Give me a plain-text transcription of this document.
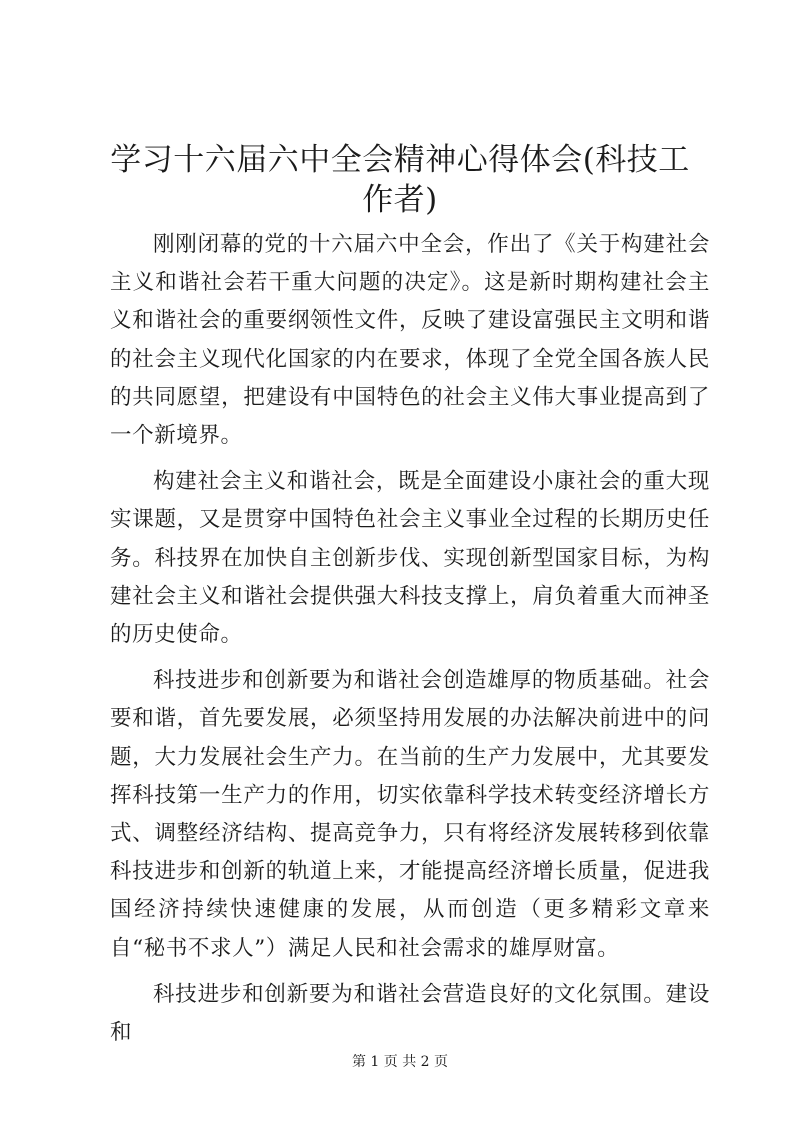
学习十六届六中全会精神心得体会(科技工作者)

刚刚闭幕的党的十六届六中全会，作出了《关于构建社会主义和谐社会若干重大问题的决定》。这是新时期构建社会主义和谐社会的重要纲领性文件，反映了建设富强民主文明和谐的社会主义现代化国家的内在要求，体现了全党全国各族人民的共同愿望，把建设有中国特色的社会主义伟大事业提高到了一个新境界。

构建社会主义和谐社会，既是全面建设小康社会的重大现实课题，又是贯穿中国特色社会主义事业全过程的长期历史任务。科技界在加快自主创新步伐、实现创新型国家目标，为构建社会主义和谐社会提供强大科技支撑上，肩负着重大而神圣的历史使命。

科技进步和创新要为和谐社会创造雄厚的物质基础。社会要和谐，首先要发展，必须坚持用发展的办法解决前进中的问题，大力发展社会生产力。在当前的生产力发展中，尤其要发挥科技第一生产力的作用，切实依靠科学技术转变经济增长方式、调整经济结构、提高竞争力，只有将经济发展转移到依靠科技进步和创新的轨道上来，才能提高经济增长质量，促进我国经济持续快速健康的发展，从而创造（更多精彩文章来自“秘书不求人”）满足人民和社会需求的雄厚财富。

科技进步和创新要为和谐社会营造良好的文化氛围。建设和

第 1 页 共 2 页
